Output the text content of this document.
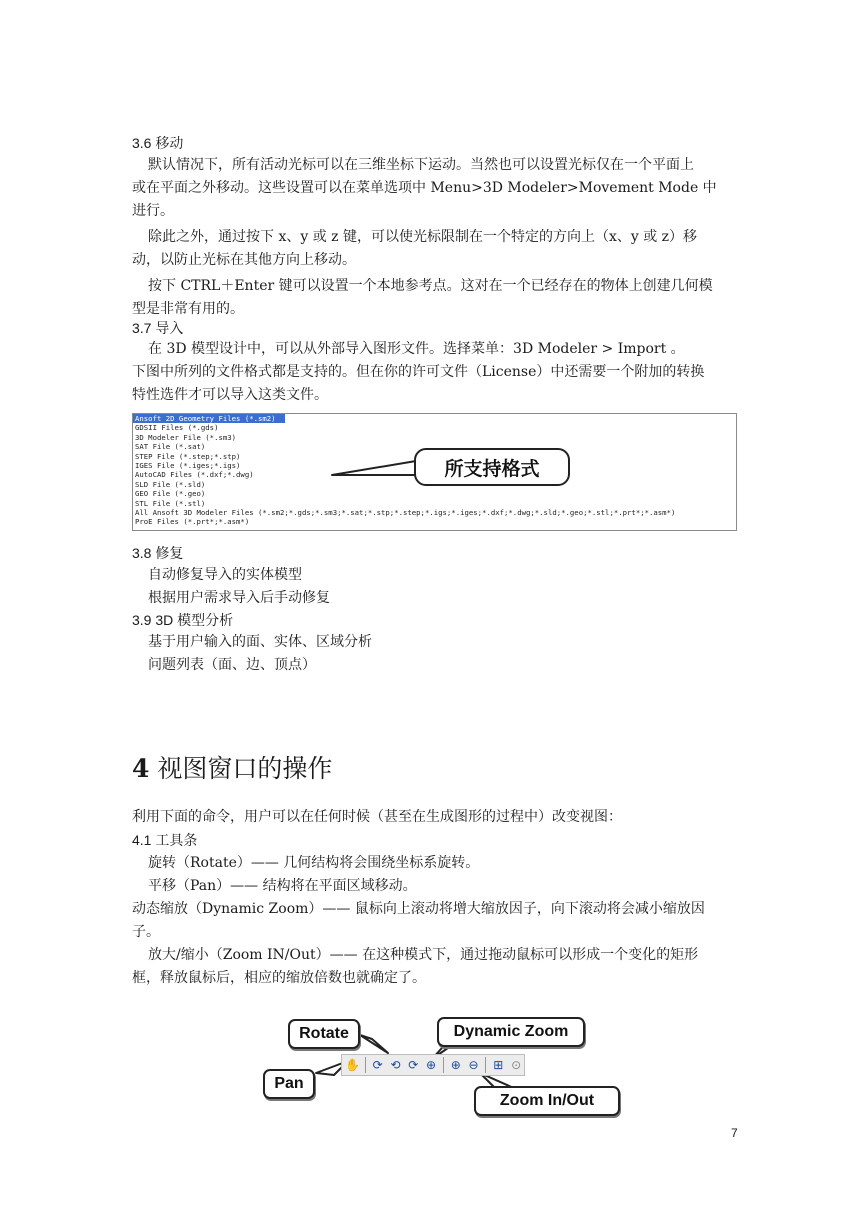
3.6 移动
默认情况下，所有活动光标可以在三维坐标下运动。当然也可以设置光标仅在一个平面上
或在平面之外移动。这些设置可以在菜单选项中 Menu>3D Modeler>Movement Mode 中
进行。
除此之外，通过按下 x、y 或 z 键，可以使光标限制在一个特定的方向上（x、y 或 z）移
动，以防止光标在其他方向上移动。
按下 CTRL＋Enter 键可以设置一个本地参考点。这对在一个已经存在的物体上创建几何模
型是非常有用的。
3.7 导入
在 3D 模型设计中，可以从外部导入图形文件。选择菜单：3D Modeler > Import 。
下图中所列的文件格式都是支持的。但在你的许可文件（License）中还需要一个附加的转换
特性选件才可以导入这类文件。
Ansoft 2D Geometry Files (*.sm2)
GDSII Files (*.gds)
3D Modeler File (*.sm3)
SAT File (*.sat)
STEP File (*.step;*.stp)
IGES File (*.iges;*.igs)
AutoCAD Files (*.dxf;*.dwg)
SLD File (*.sld)
GEO File (*.geo)
STL File (*.stl)
All Ansoft 3D Modeler Files (*.sm2;*.gds;*.sm3;*.sat;*.stp;*.step;*.igs;*.iges;*.dxf;*.dwg;*.sld;*.geo;*.stl;*.prt*;*.asm*)
ProE Files (*.prt*;*.asm*)
所支持格式
3.8 修复
自动修复导入的实体模型
根据用户需求导入后手动修复
3.9 3D 模型分析
基于用户输入的面、实体、区域分析
问题列表（面、边、顶点）
4 视图窗口的操作
利用下面的命令，用户可以在任何时候（甚至在生成图形的过程中）改变视图：
4.1 工具条
旋转（Rotate）—— 几何结构将会围绕坐标系旋转。
平移（Pan）—— 结构将在平面区域移动。
动态缩放（Dynamic Zoom）—— 鼠标向上滚动将增大缩放因子，向下滚动将会减小缩放因
子。
放大/缩小（Zoom IN/Out）—— 在这种模式下，通过拖动鼠标可以形成一个变化的矩形
框，释放鼠标后，相应的缩放倍数也就确定了。
Rotate
Pan
Dynamic Zoom
Zoom In/Out
✋ ⟳ ⟲ ⟳ ⊕ ⊕ ⊖ ⊞ ⊙
7
